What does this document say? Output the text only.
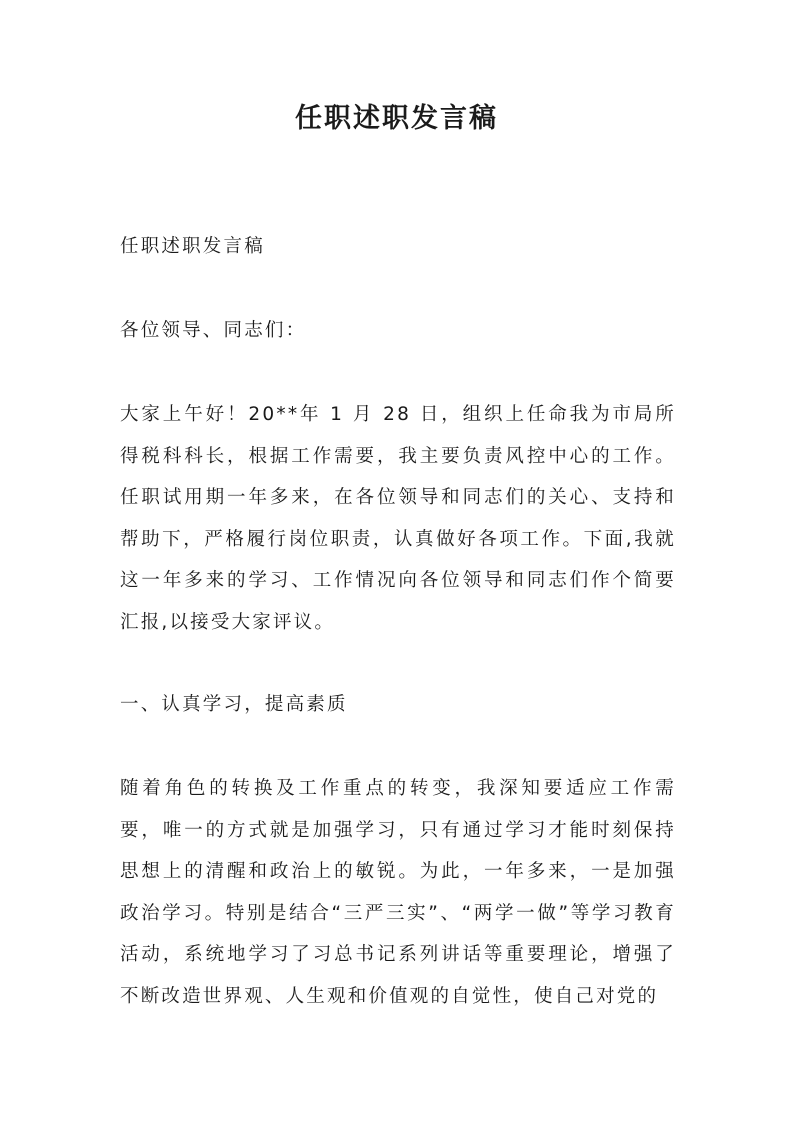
任职述职发言稿

任职述职发言稿

各位领导、同志们：

大家上午好！20**年 1 月 28 日，组织上任命我为市局所得税科科长，根据工作需要，我主要负责风控中心的工作。任职试用期一年多来，在各位领导和同志们的关心、支持和帮助下，严格履行岗位职责，认真做好各项工作。下面,我就这一年多来的学习、工作情况向各位领导和同志们作个简要汇报,以接受大家评议。

一、认真学习，提高素质

随着角色的转换及工作重点的转变，我深知要适应工作需要，唯一的方式就是加强学习，只有通过学习才能时刻保持思想上的清醒和政治上的敏锐。为此，一年多来，一是加强政治学习。特别是结合“三严三实”、“两学一做”等学习教育活动，系统地学习了习总书记系列讲话等重要理论，增强了不断改造世界观、人生观和价值观的自觉性，使自己对党的
